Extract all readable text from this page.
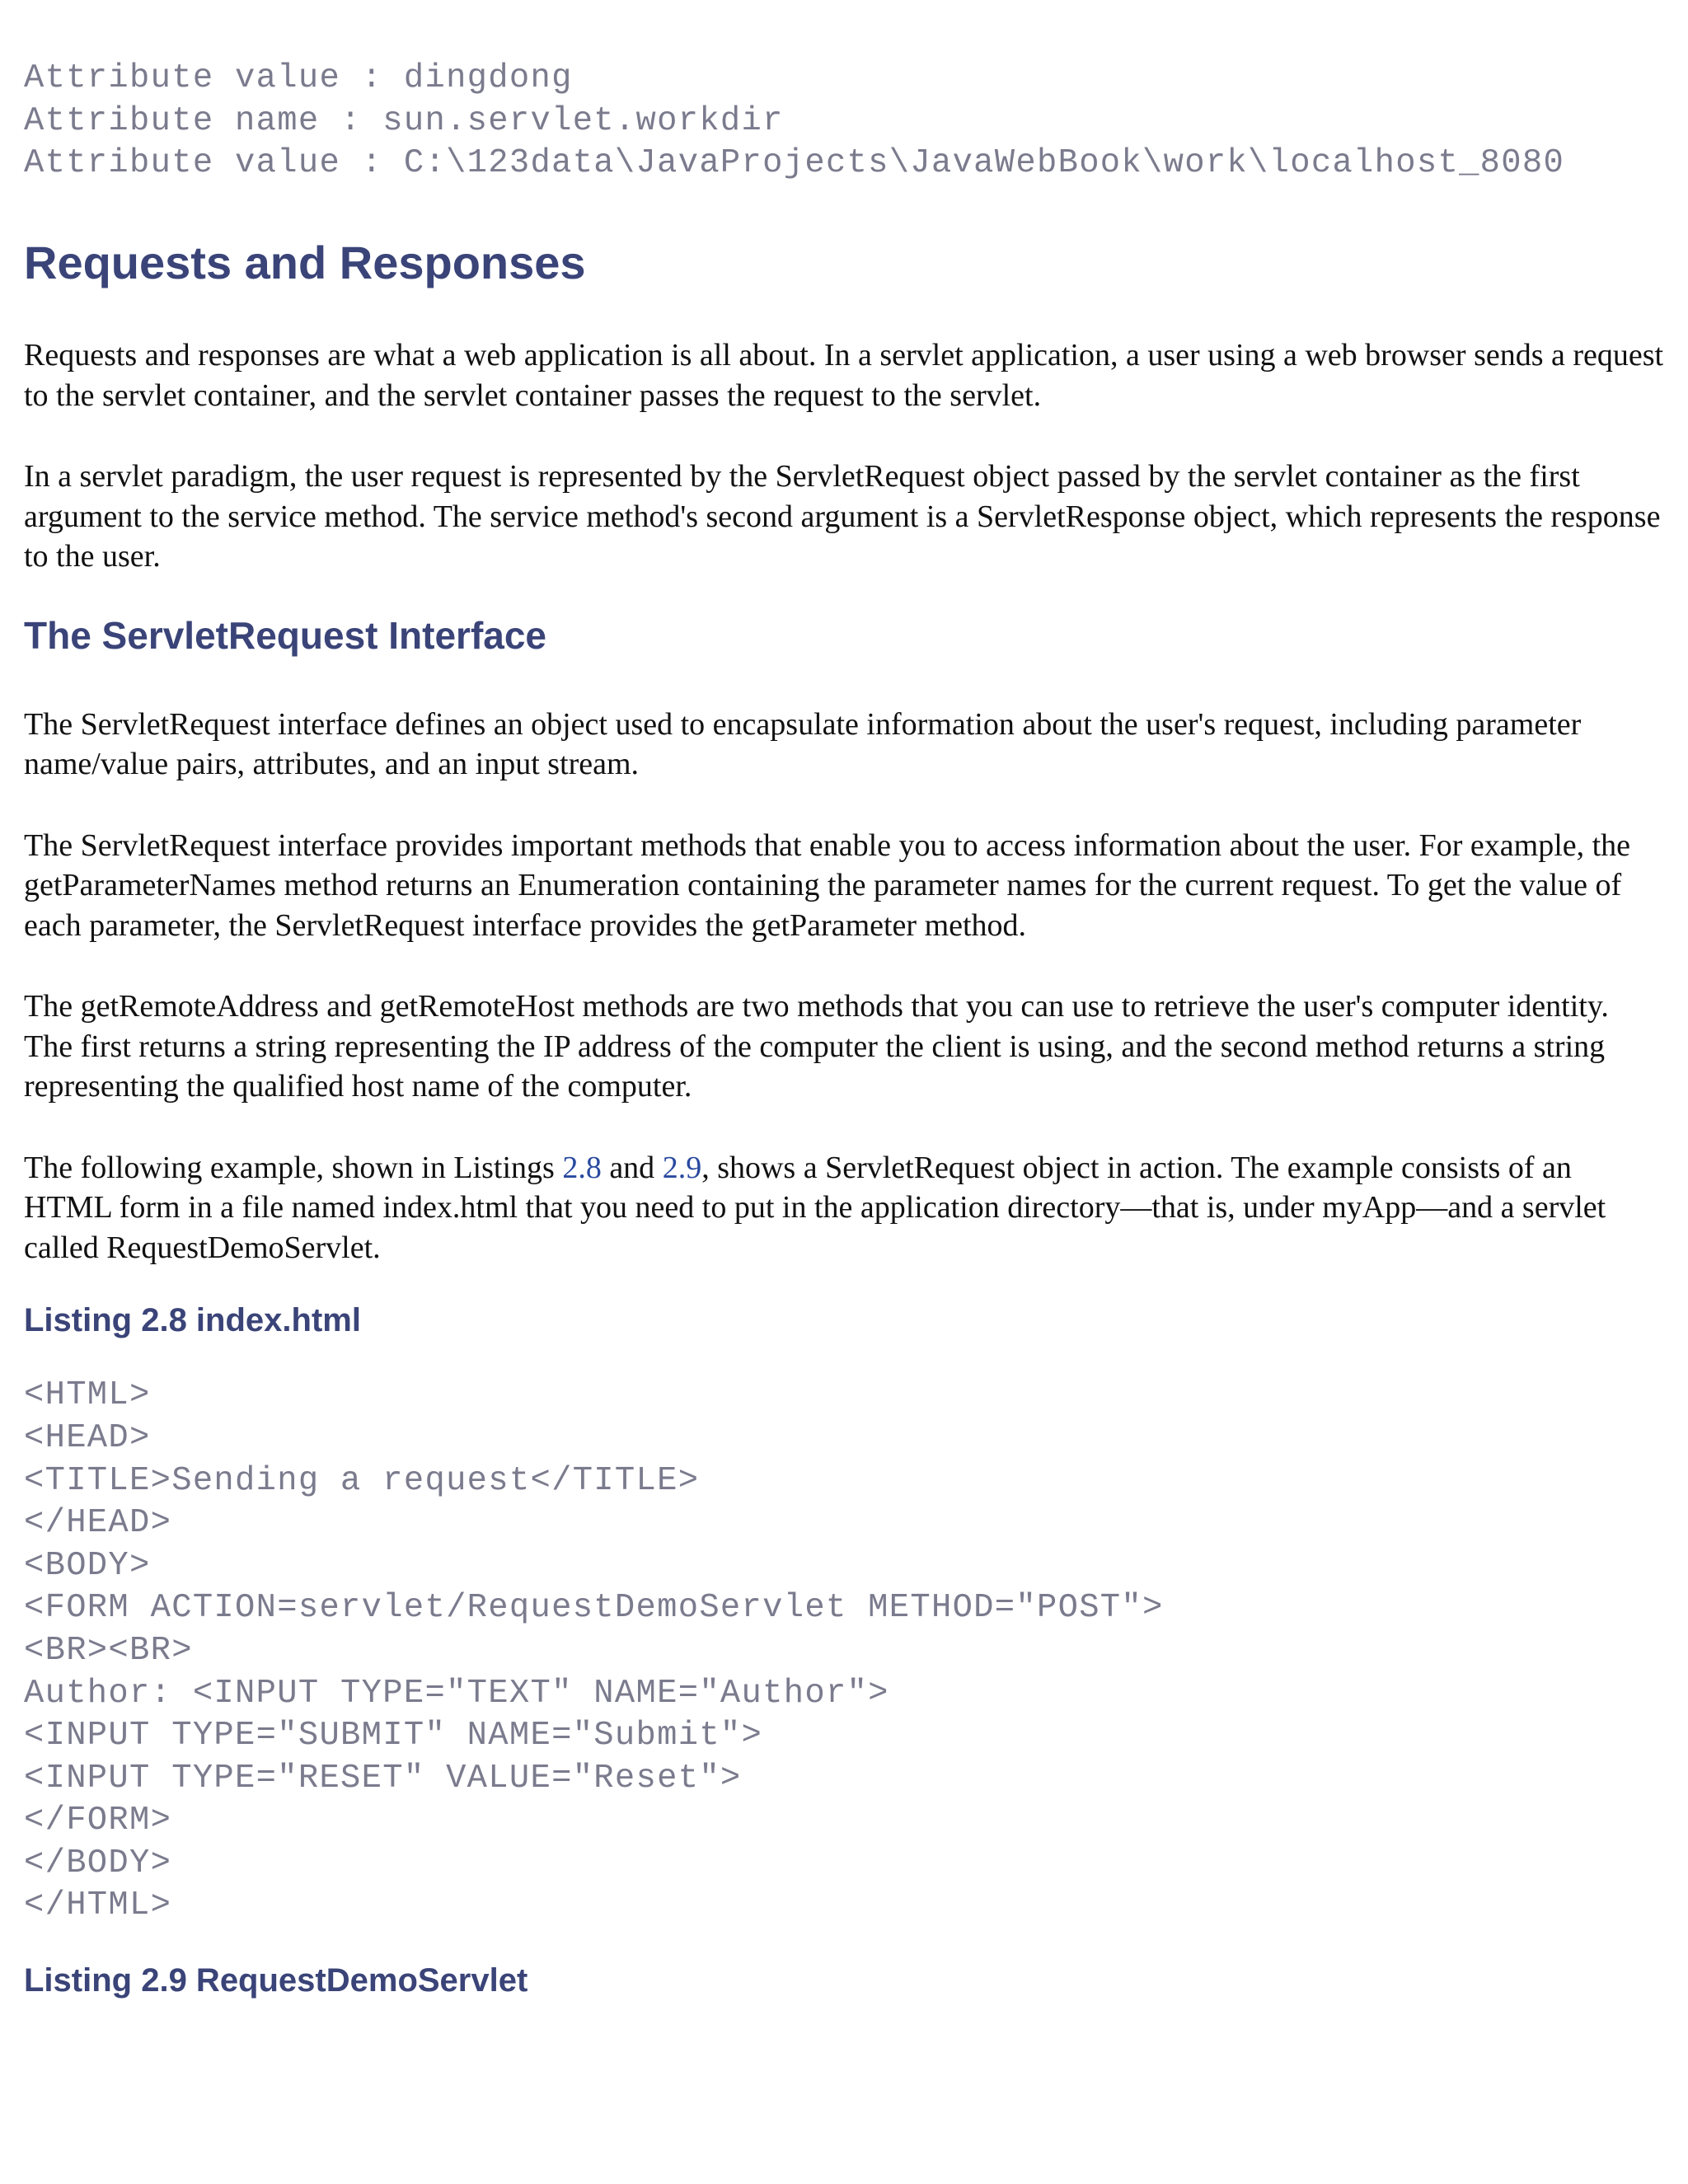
Attribute value : dingdong
Attribute name : sun.servlet.workdir
Attribute value : C:\123data\JavaProjects\JavaWebBook\work\localhost_8080
Requests and Responses

Requests and responses are what a web application is all about. In a servlet application, a user using a web browser sends a request to the servlet container, and the servlet container passes the request to the servlet.

In a servlet paradigm, the user request is represented by the ServletRequest object passed by the servlet container as the first argument to the service method. The service method's second argument is a ServletResponse object, which represents the response to the user.

The ServletRequest Interface

The ServletRequest interface defines an object used to encapsulate information about the user's request, including parameter name/value pairs, attributes, and an input stream.

The ServletRequest interface provides important methods that enable you to access information about the user. For example, the getParameterNames method returns an Enumeration containing the parameter names for the current request. To get the value of each parameter, the ServletRequest interface provides the getParameter method.

The getRemoteAddress and getRemoteHost methods are two methods that you can use to retrieve the user's computer identity. The first returns a string representing the IP address of the computer the client is using, and the second method returns a string representing the qualified host name of the computer.

The following example, shown in Listings 2.8 and 2.9, shows a ServletRequest object in action. The example consists of an HTML form in a file named index.html that you need to put in the application directory—that is, under myApp—and a servlet called RequestDemoServlet.

Listing 2.8 index.html
<HTML>
<HEAD>
<TITLE>Sending a request</TITLE>
</HEAD>
<BODY>
<FORM ACTION=servlet/RequestDemoServlet METHOD="POST">
<BR><BR>
Author: <INPUT TYPE="TEXT" NAME="Author">
<INPUT TYPE="SUBMIT" NAME="Submit">
<INPUT TYPE="RESET" VALUE="Reset">
</FORM>
</BODY>
</HTML>
Listing 2.9 RequestDemoServlet
